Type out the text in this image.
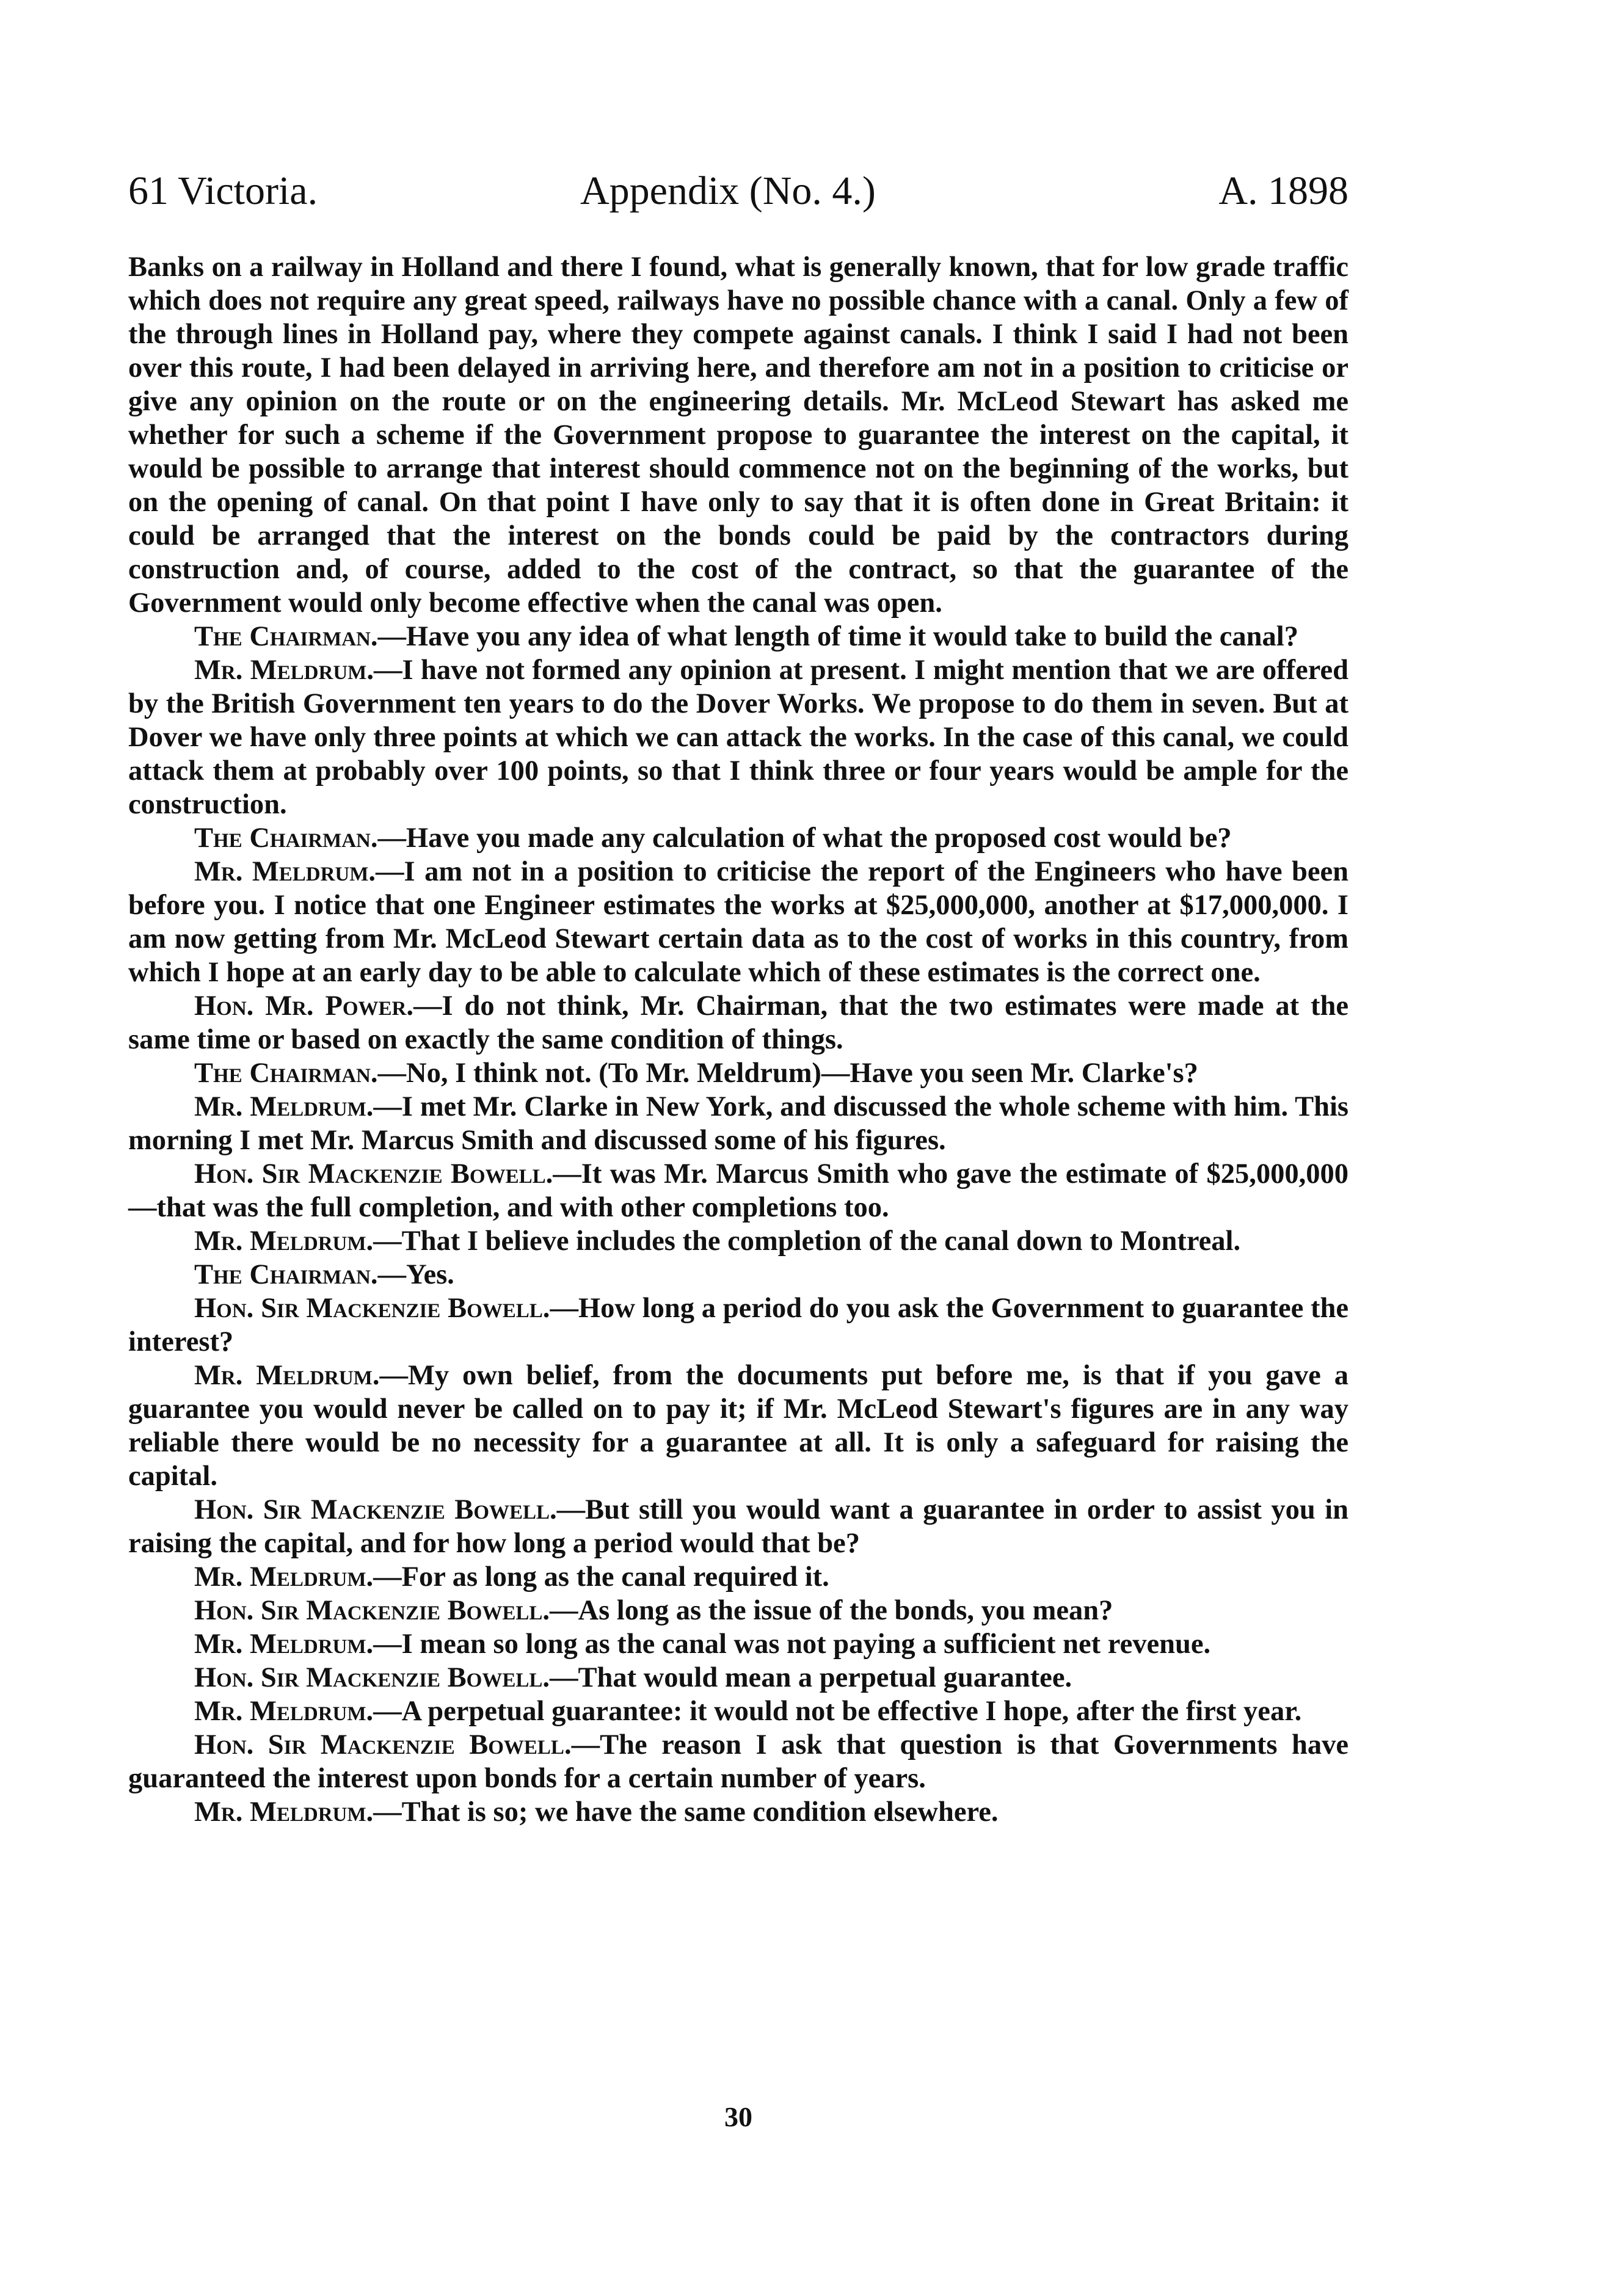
61 Victoria.	Appendix (No. 4.)	A. 1898

Banks on a railway in Holland and there I found, what is generally known, that for low grade traffic which does not require any great speed, railways have no possible chance with a canal. Only a few of the through lines in Holland pay, where they compete against canals. I think I said I had not been over this route, I had been delayed in arriving here, and therefore am not in a position to criticise or give any opinion on the route or on the engineering details. Mr. McLeod Stewart has asked me whether for such a scheme if the Government propose to guarantee the interest on the capital, it would be possible to arrange that interest should commence not on the beginning of the works, but on the opening of canal. On that point I have only to say that it is often done in Great Britain: it could be arranged that the interest on the bonds could be paid by the contractors during construction and, of course, added to the cost of the contract, so that the guarantee of the Government would only become effective when the canal was open.

The Chairman.—Have you any idea of what length of time it would take to build the canal?

Mr. Meldrum.—I have not formed any opinion at present. I might mention that we are offered by the British Government ten years to do the Dover Works. We propose to do them in seven. But at Dover we have only three points at which we can attack the works. In the case of this canal, we could attack them at probably over 100 points, so that I think three or four years would be ample for the construction.

The Chairman.—Have you made any calculation of what the proposed cost would be?

Mr. Meldrum.—I am not in a position to criticise the report of the Engineers who have been before you. I notice that one Engineer estimates the works at $25,000,000, another at $17,000,000. I am now getting from Mr. McLeod Stewart certain data as to the cost of works in this country, from which I hope at an early day to be able to calculate which of these estimates is the correct one.

Hon. Mr. Power.—I do not think, Mr. Chairman, that the two estimates were made at the same time or based on exactly the same condition of things.

The Chairman.—No, I think not. (To Mr. Meldrum)—Have you seen Mr. Clarke's?

Mr. Meldrum.—I met Mr. Clarke in New York, and discussed the whole scheme with him. This morning I met Mr. Marcus Smith and discussed some of his figures.

Hon. Sir Mackenzie Bowell.—It was Mr. Marcus Smith who gave the estimate of $25,000,000—that was the full completion, and with other completions too.

Mr. Meldrum.—That I believe includes the completion of the canal down to Montreal.

The Chairman.—Yes.

Hon. Sir Mackenzie Bowell.—How long a period do you ask the Government to guarantee the interest?

Mr. Meldrum.—My own belief, from the documents put before me, is that if you gave a guarantee you would never be called on to pay it; if Mr. McLeod Stewart's figures are in any way reliable there would be no necessity for a guarantee at all. It is only a safeguard for raising the capital.

Hon. Sir Mackenzie Bowell.—But still you would want a guarantee in order to assist you in raising the capital, and for how long a period would that be?

Mr. Meldrum.—For as long as the canal required it.

Hon. Sir Mackenzie Bowell.—As long as the issue of the bonds, you mean?

Mr. Meldrum.—I mean so long as the canal was not paying a sufficient net revenue.

Hon. Sir Mackenzie Bowell.—That would mean a perpetual guarantee.

Mr. Meldrum.—A perpetual guarantee: it would not be effective I hope, after the first year.

Hon. Sir Mackenzie Bowell.—The reason I ask that question is that Governments have guaranteed the interest upon bonds for a certain number of years.

Mr. Meldrum.—That is so; we have the same condition elsewhere.

30
